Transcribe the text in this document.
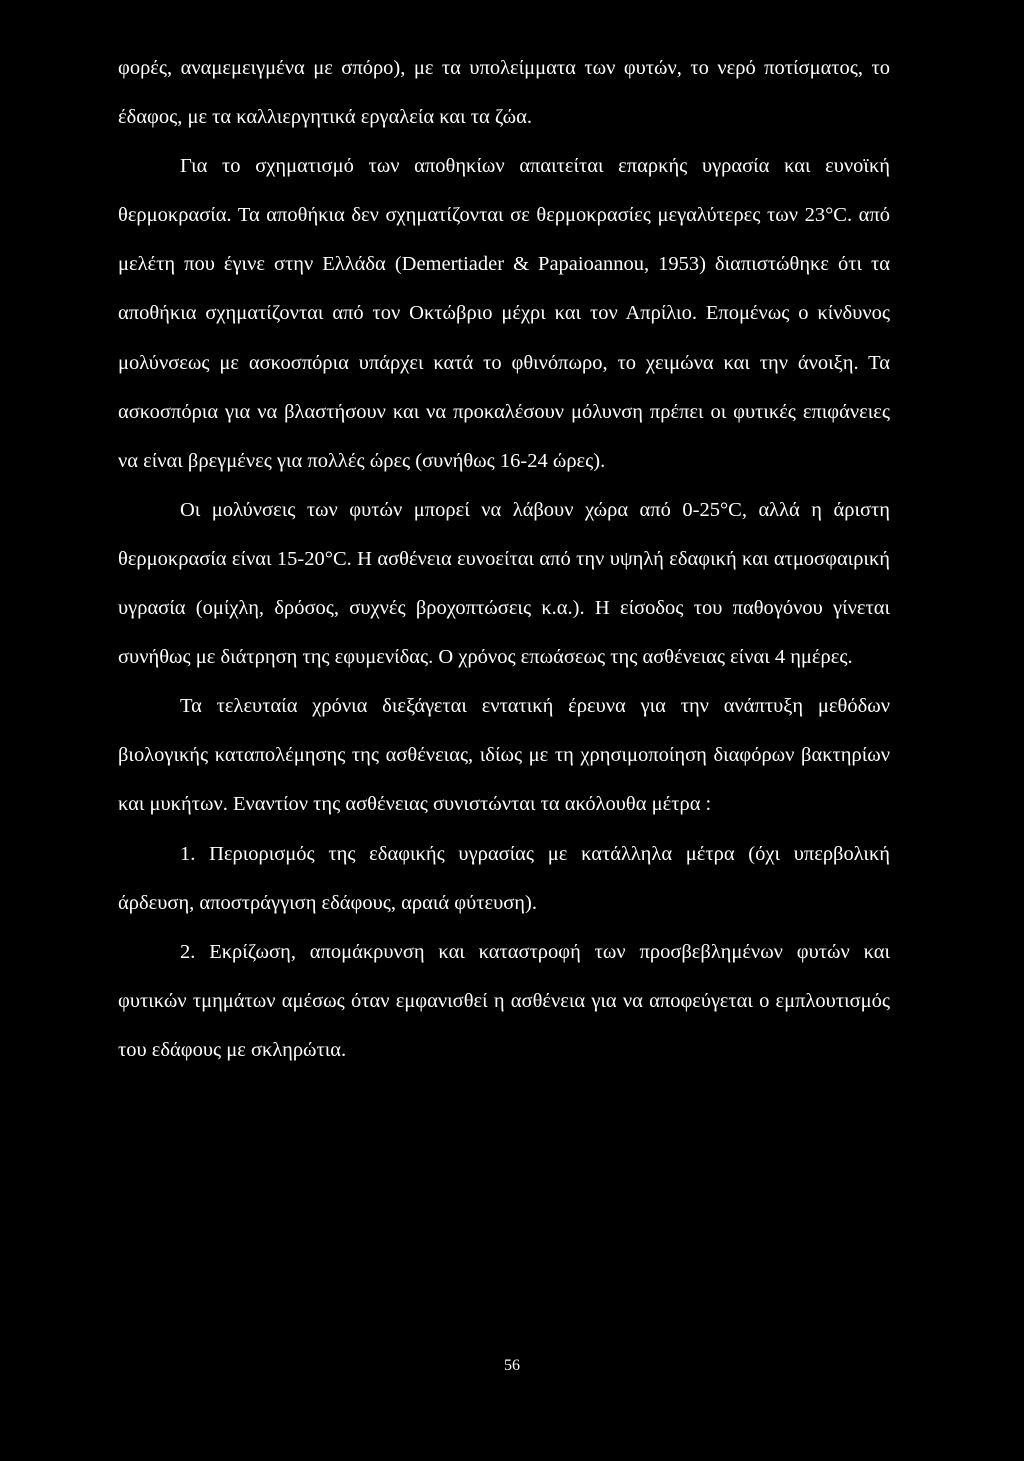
φορές, αναμεμειγμένα με σπόρο), με τα υπολείμματα των φυτών, το νερό ποτίσματος, το έδαφος, με τα καλλιεργητικά εργαλεία και τα ζώα.

Για το σχηματισμό των αποθηκίων απαιτείται επαρκής υγρασία και ευνοϊκή θερμοκρασία. Τα αποθήκια δεν σχηματίζονται σε θερμοκρασίες μεγαλύτερες των 23°C. από μελέτη που έγινε στην Ελλάδα (Demertiader & Papaioannou, 1953) διαπιστώθηκε ότι τα αποθήκια σχηματίζονται από τον Οκτώβριο μέχρι και τον Απρίλιο. Επομένως ο κίνδυνος μολύνσεως με ασκοσπόρια υπάρχει κατά το φθινόπωρο, το χειμώνα και την άνοιξη. Τα ασκοσπόρια για να βλαστήσουν και να προκαλέσουν μόλυνση πρέπει οι φυτικές επιφάνειες να είναι βρεγμένες για πολλές ώρες (συνήθως 16-24 ώρες).

Οι μολύνσεις των φυτών μπορεί να λάβουν χώρα από 0-25°C, αλλά η άριστη θερμοκρασία είναι 15-20°C. Η ασθένεια ευνοείται από την υψηλή εδαφική και ατμοσφαιρική υγρασία (ομίχλη, δρόσος, συχνές βροχοπτώσεις κ.α.). Η είσοδος του παθογόνου γίνεται συνήθως με διάτρηση της εφυμενίδας. Ο χρόνος επωάσεως της ασθένειας είναι 4 ημέρες.

Τα τελευταία χρόνια διεξάγεται εντατική έρευνα για την ανάπτυξη μεθόδων βιολογικής καταπολέμησης της ασθένειας, ιδίως με τη χρησιμοποίηση διαφόρων βακτηρίων και μυκήτων. Εναντίον της ασθένειας συνιστώνται τα ακόλουθα μέτρα :

1. Περιορισμός της εδαφικής υγρασίας με κατάλληλα μέτρα (όχι υπερβολική άρδευση, αποστράγγιση εδάφους, αραιά φύτευση).

2. Εκρίζωση, απομάκρυνση και καταστροφή των προσβεβλημένων φυτών και φυτικών τμημάτων αμέσως όταν εμφανισθεί η ασθένεια για να αποφεύγεται ο εμπλουτισμός του εδάφους με σκληρώτια.

56
